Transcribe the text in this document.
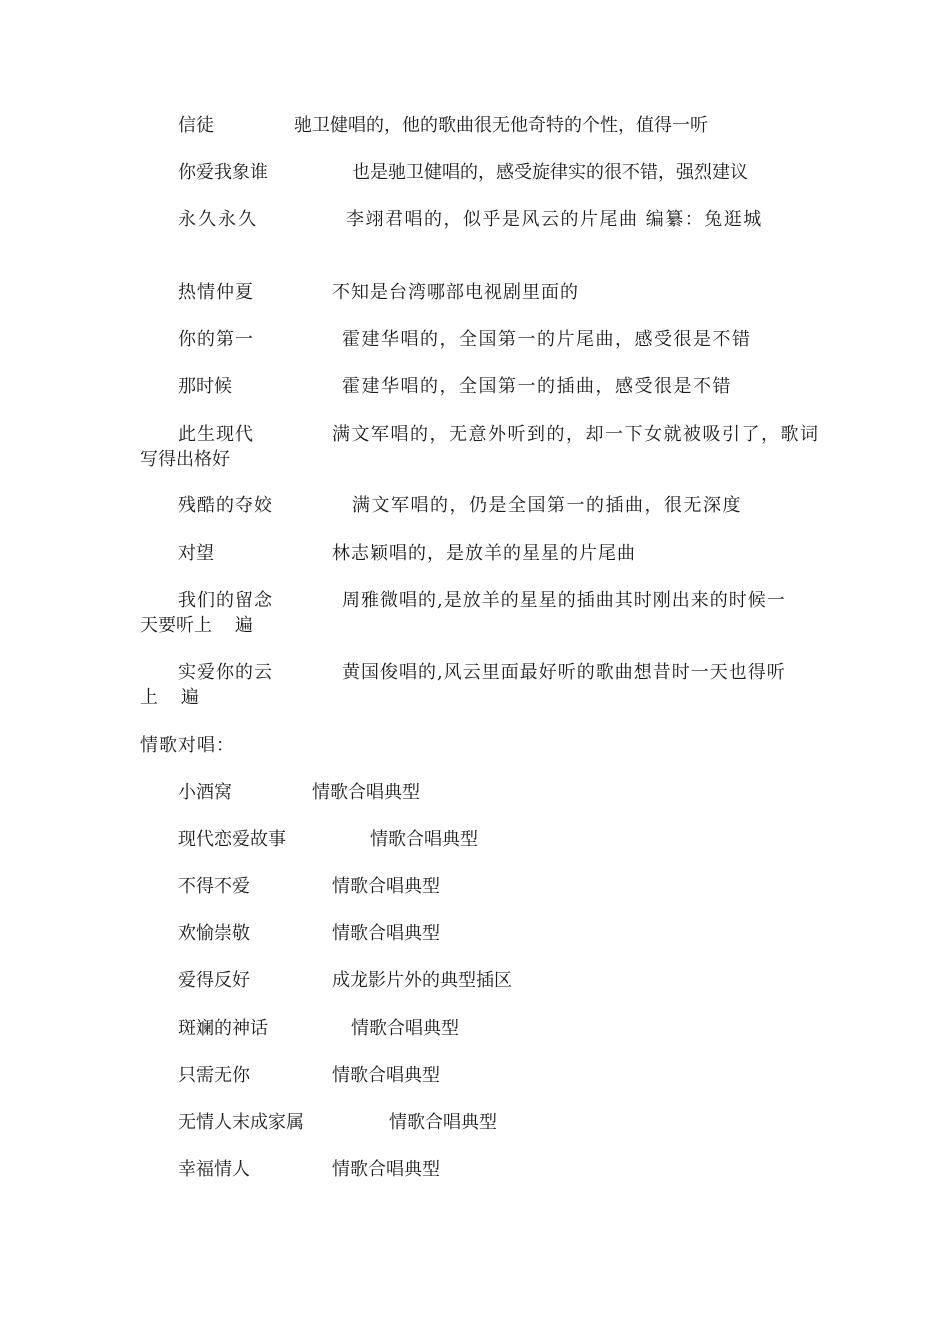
信徒	驰卫健唱的，他的歌曲很无他奇特的个性，值得一听
你爱我象谁	也是驰卫健唱的，感受旋律实的很不错，强烈建议
永久永久	李翊君唱的，似乎是风云的片尾曲 编纂：兔逛城
热情仲夏	不知是台湾哪部电视剧里面的
你的第一	霍建华唱的，全国第一的片尾曲，感受很是不错
那时候	霍建华唱的，全国第一的插曲，感受很是不错
此生现代	满文军唱的，无意外听到的，却一下女就被吸引了，歌词
写得出格好
残酷的夺姣	满文军唱的，仍是全国第一的插曲，很无深度
对望	林志颖唱的，是放羊的星星的片尾曲
我们的留念	周雅微唱的,是放羊的星星的插曲其时刚出来的时候一
天要听上    遍
实爱你的云	黄国俊唱的,风云里面最好听的歌曲想昔时一天也得听
上    遍
情歌对唱：
小酒窝	情歌合唱典型
现代恋爱故事	情歌合唱典型
不得不爱	情歌合唱典型
欢愉崇敬	情歌合唱典型
爱得反好	成龙影片外的典型插区
斑斓的神话	情歌合唱典型
只需无你	情歌合唱典型
无情人末成家属	情歌合唱典型
幸福情人	情歌合唱典型
